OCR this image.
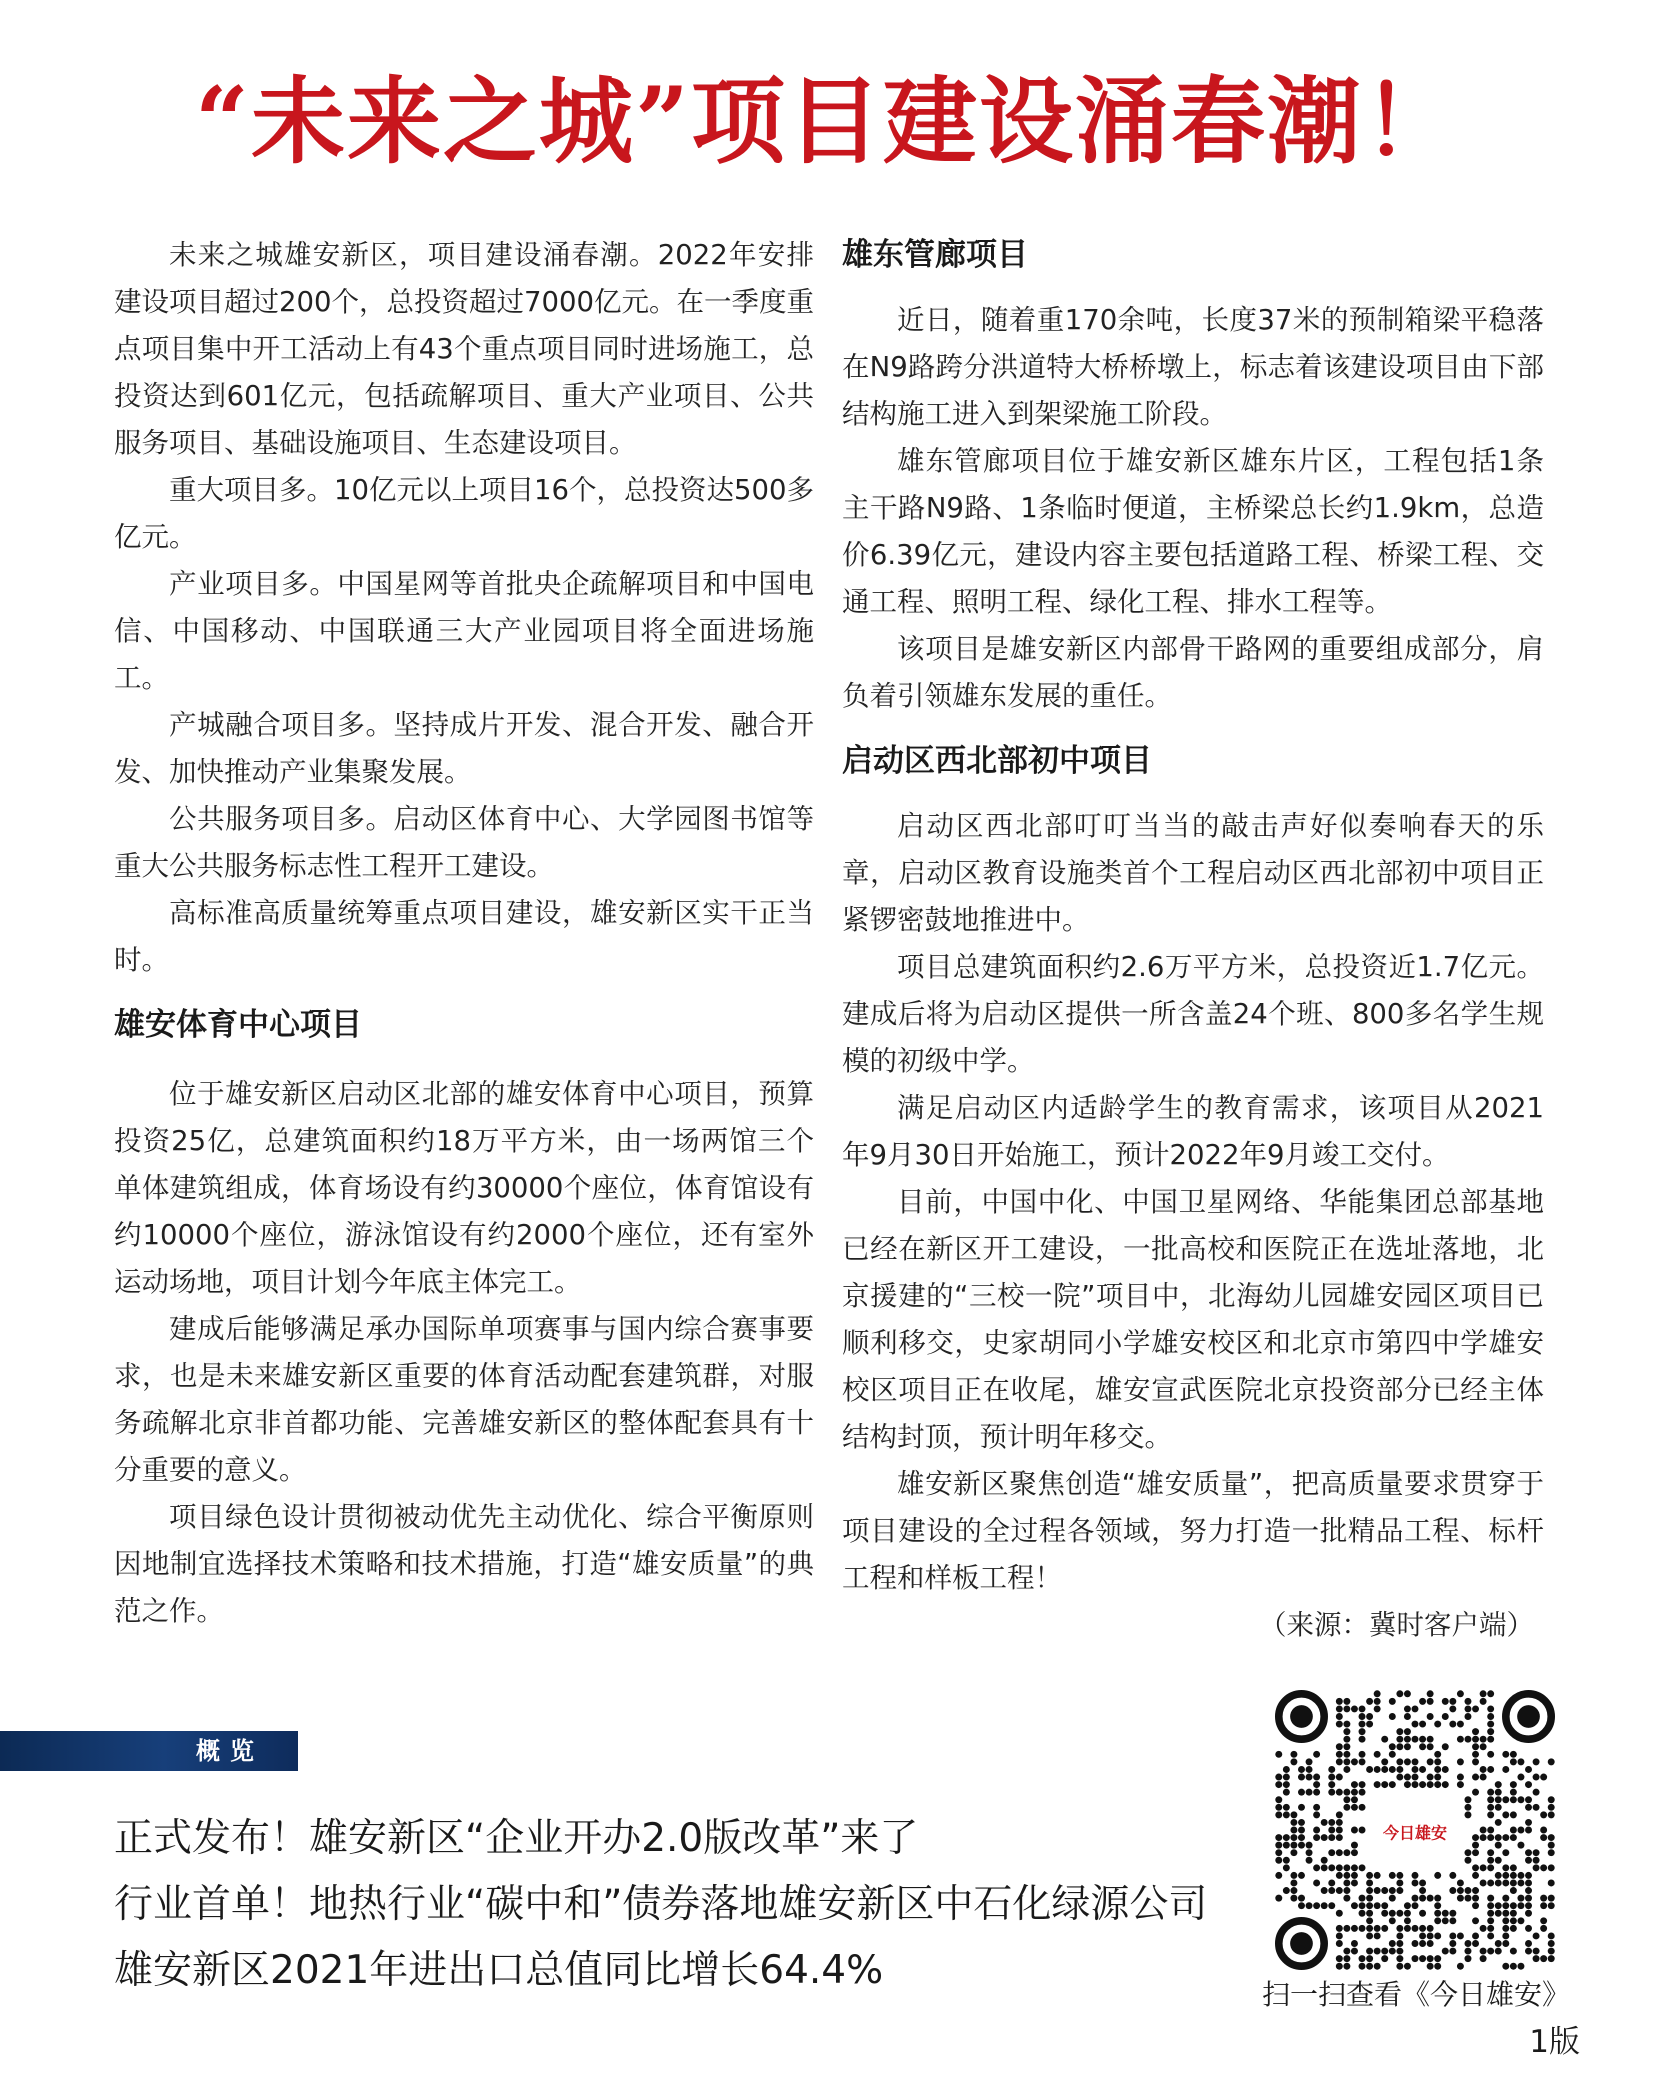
“未来之城”项目建设涌春潮！

未来之城雄安新区，项目建设涌春潮。2022年安排建设项目超过200个，总投资超过7000亿元。在一季度重点项目集中开工活动上有43个重点项目同时进场施工，总投资达到601亿元，包括疏解项目、重大产业项目、公共服务项目、基础设施项目、生态建设项目。

重大项目多。10亿元以上项目16个，总投资达500多亿元。

产业项目多。中国星网等首批央企疏解项目和中国电信、中国移动、中国联通三大产业园项目将全面进场施工。

产城融合项目多。坚持成片开发、混合开发、融合开发、加快推动产业集聚发展。

公共服务项目多。启动区体育中心、大学园图书馆等重大公共服务标志性工程开工建设。

高标准高质量统筹重点项目建设，雄安新区实干正当时。

雄安体育中心项目

位于雄安新区启动区北部的雄安体育中心项目，预算投资25亿，总建筑面积约18万平方米，由一场两馆三个单体建筑组成，体育场设有约30000个座位，体育馆设有约10000个座位，游泳馆设有约2000个座位，还有室外运动场地，项目计划今年底主体完工。

建成后能够满足承办国际单项赛事与国内综合赛事要求，也是未来雄安新区重要的体育活动配套建筑群，对服务疏解北京非首都功能、完善雄安新区的整体配套具有十分重要的意义。

项目绿色设计贯彻被动优先主动优化、综合平衡原则因地制宜选择技术策略和技术措施，打造“雄安质量”的典范之作。

雄东管廊项目

近日，随着重170余吨，长度37米的预制箱梁平稳落在N9路跨分洪道特大桥桥墩上，标志着该建设项目由下部结构施工进入到架梁施工阶段。

雄东管廊项目位于雄安新区雄东片区，工程包括1条主干路N9路、1条临时便道，主桥梁总长约1.9km，总造价6.39亿元，建设内容主要包括道路工程、桥梁工程、交通工程、照明工程、绿化工程、排水工程等。

该项目是雄安新区内部骨干路网的重要组成部分，肩负着引领雄东发展的重任。

启动区西北部初中项目

启动区西北部叮叮当当的敲击声好似奏响春天的乐章，启动区教育设施类首个工程启动区西北部初中项目正紧锣密鼓地推进中。

项目总建筑面积约2.6万平方米，总投资近1.7亿元。建成后将为启动区提供一所含盖24个班、800多名学生规模的初级中学。

满足启动区内适龄学生的教育需求，该项目从2021年9月30日开始施工，预计2022年9月竣工交付。

目前，中国中化、中国卫星网络、华能集团总部基地已经在新区开工建设，一批高校和医院正在选址落地，北京援建的“三校一院”项目中，北海幼儿园雄安园区项目已顺利移交，史家胡同小学雄安校区和北京市第四中学雄安校区项目正在收尾，雄安宣武医院北京投资部分已经主体结构封顶，预计明年移交。

雄安新区聚焦创造“雄安质量”，把高质量要求贯穿于项目建设的全过程各领域，努力打造一批精品工程、标杆工程和样板工程！

（来源：冀时客户端）

概览
正式发布！雄安新区“企业开办2.0版改革”来了
行业首单！地热行业“碳中和”债券落地雄安新区中石化绿源公司
雄安新区2021年进出口总值同比增长64.4%
今日雄安
扫一扫查看《今日雄安》
1版
